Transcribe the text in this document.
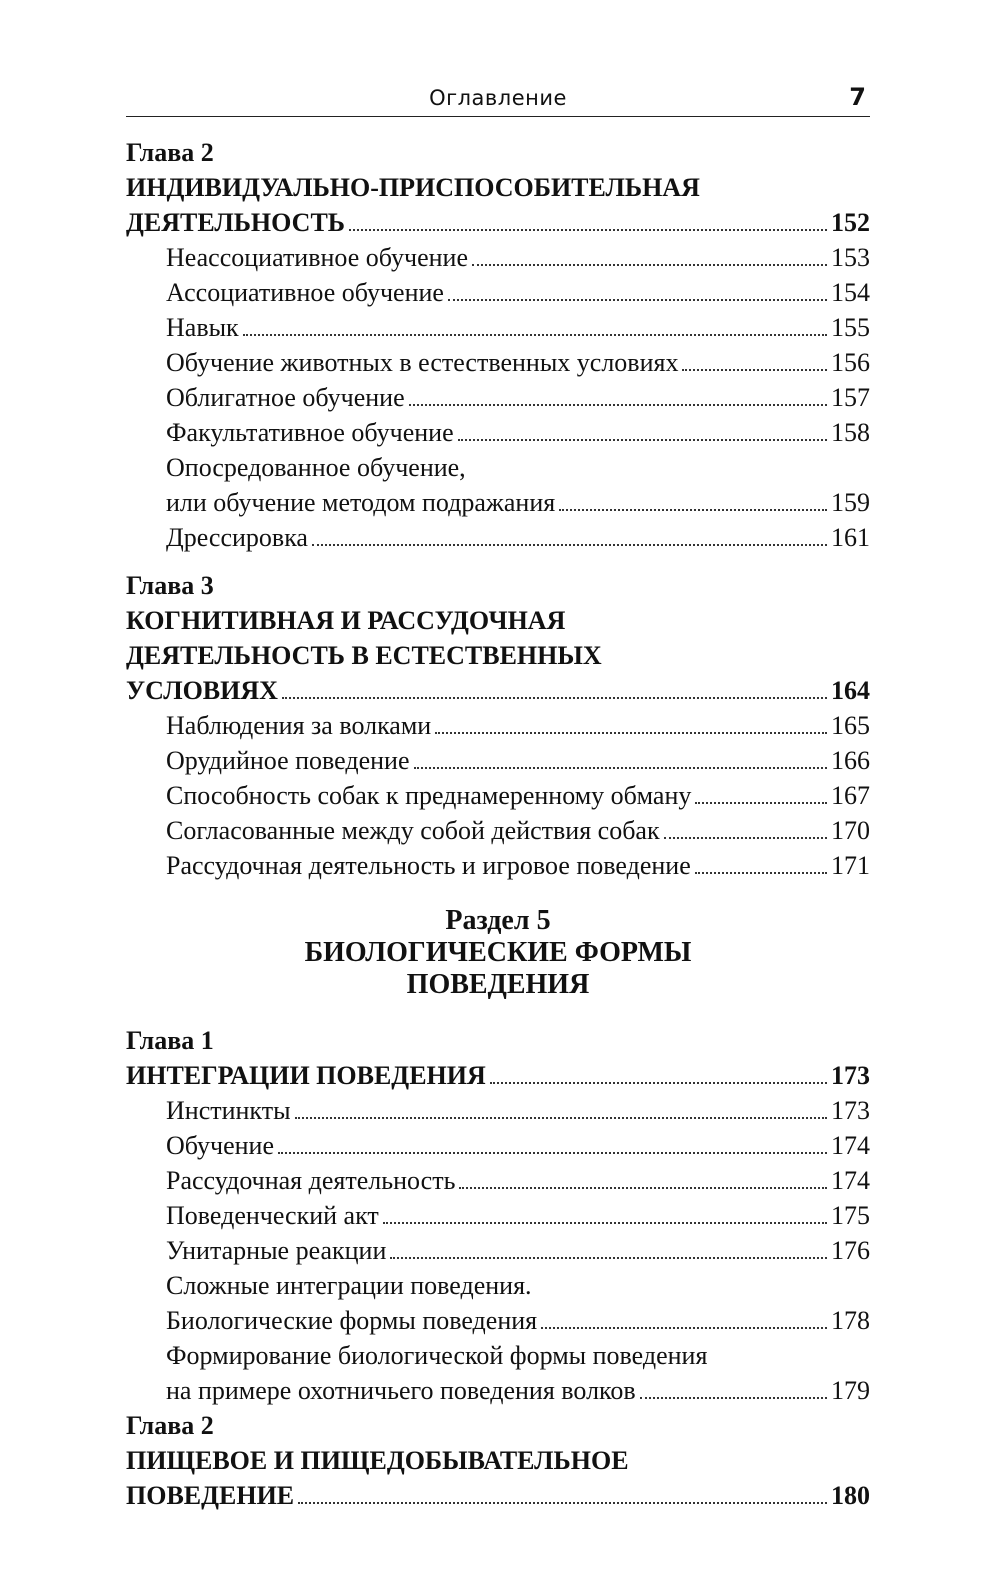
Оглавление	7
Глава 2
ИНДИВИДУАЛЬНО-ПРИСПОСОБИТЕЛЬНАЯ
ДЕЯТЕЛЬНОСТЬ	152
Неассоциативное обучение	153
Ассоциативное обучение	154
Навык	155
Обучение животных в естественных условиях	156
Облигатное обучение	157
Факультативное обучение	158
Опосредованное обучение,
или обучение методом подражания	159
Дрессировка	161
Глава 3
КОГНИТИВНАЯ И РАССУДОЧНАЯ
ДЕЯТЕЛЬНОСТЬ В ЕСТЕСТВЕННЫХ
УСЛОВИЯХ	164
Наблюдения за волками	165
Орудийное поведение	166
Способность собак к преднамеренному обману	167
Согласованные между собой действия собак	170
Рассудочная деятельность и игровое поведение	171
Раздел 5
БИОЛОГИЧЕСКИЕ ФОРМЫ
ПОВЕДЕНИЯ
Глава 1
ИНТЕГРАЦИИ ПОВЕДЕНИЯ	173
Инстинкты	173
Обучение	174
Рассудочная деятельность	174
Поведенческий акт	175
Унитарные реакции	176
Сложные интеграции поведения.
Биологические формы поведения	178
Формирование биологической формы поведения
на примере охотничьего поведения волков	179
Глава 2
ПИЩЕВОЕ И ПИЩЕДОБЫВАТЕЛЬНОЕ
ПОВЕДЕНИЕ	180
